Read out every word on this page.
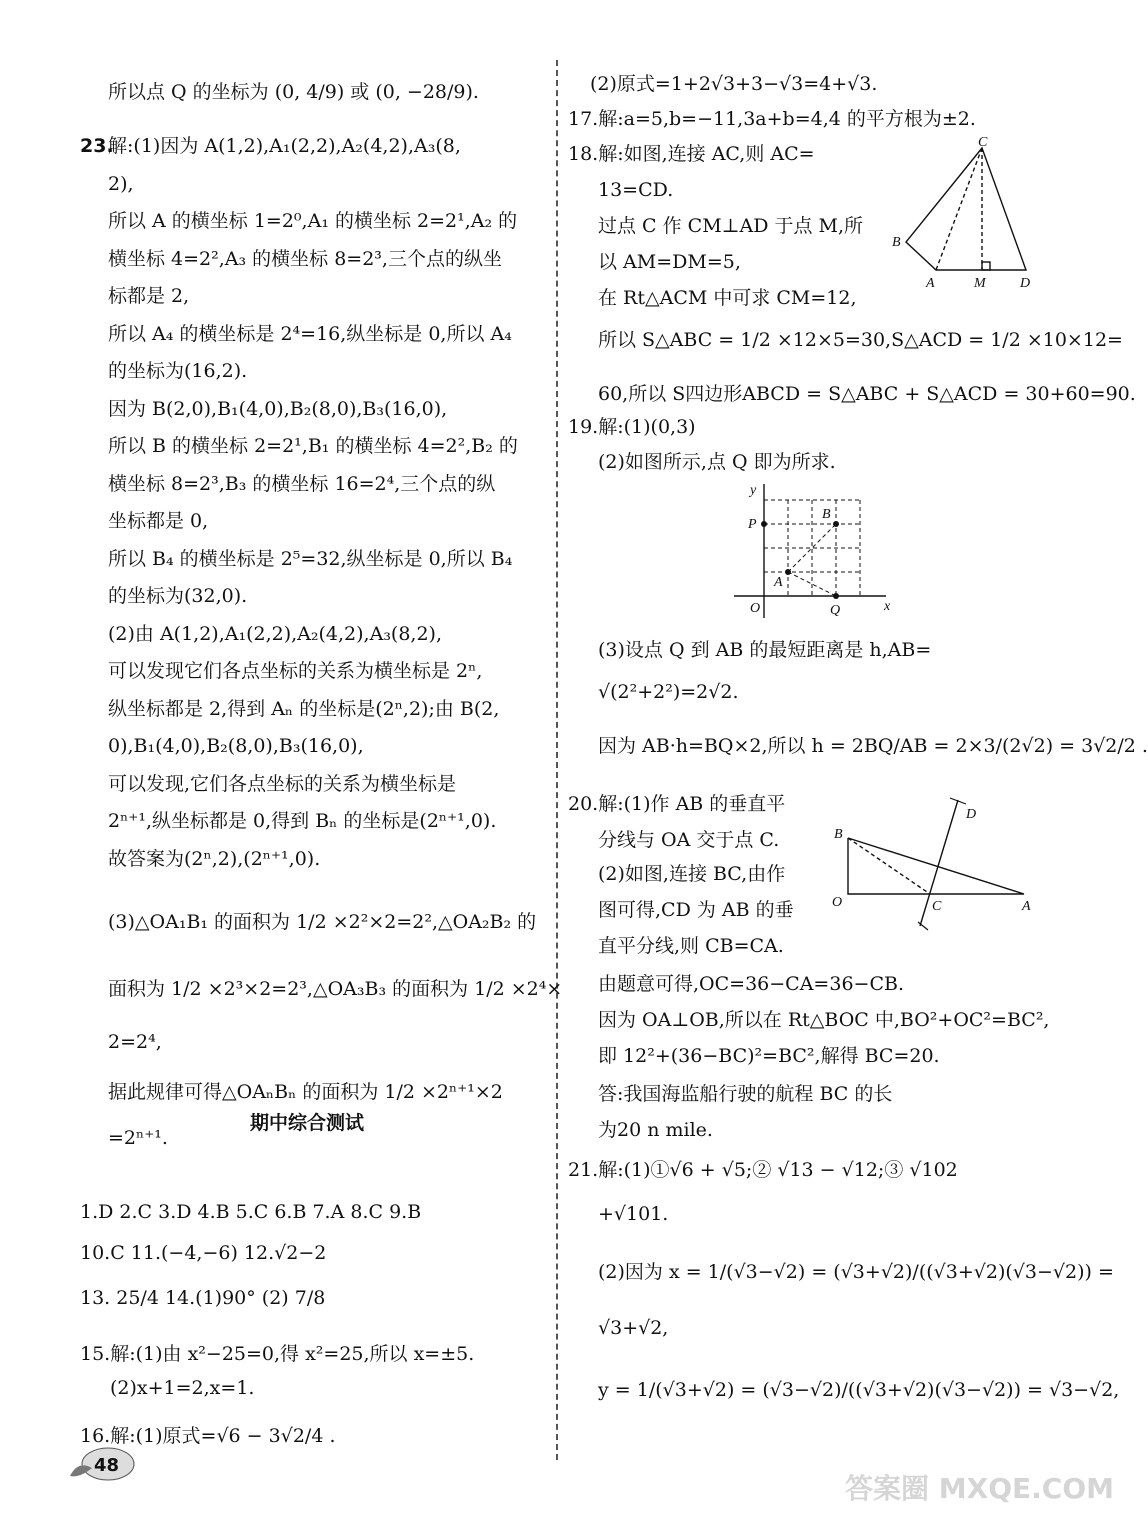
所以点 Q 的坐标为 (0, 4/9) 或 (0, −28/9).
23.
解:(1)因为 A(1,2),A₁(2,2),A₂(4,2),A₃(8,
2),
所以 A 的横坐标 1=2⁰,A₁ 的横坐标 2=2¹,A₂ 的
横坐标 4=2²,A₃ 的横坐标 8=2³,三个点的纵坐
标都是 2,
所以 A₄ 的横坐标是 2⁴=16,纵坐标是 0,所以 A₄
的坐标为(16,2).
因为 B(2,0),B₁(4,0),B₂(8,0),B₃(16,0),
所以 B 的横坐标 2=2¹,B₁ 的横坐标 4=2²,B₂ 的
横坐标 8=2³,B₃ 的横坐标 16=2⁴,三个点的纵
坐标都是 0,
所以 B₄ 的横坐标是 2⁵=32,纵坐标是 0,所以 B₄
的坐标为(32,0).
(2)由 A(1,2),A₁(2,2),A₂(4,2),A₃(8,2),
可以发现它们各点坐标的关系为横坐标是 2ⁿ,
纵坐标都是 2,得到 Aₙ 的坐标是(2ⁿ,2);由 B(2,
0),B₁(4,0),B₂(8,0),B₃(16,0),
可以发现,它们各点坐标的关系为横坐标是
2ⁿ⁺¹,纵坐标都是 0,得到 Bₙ 的坐标是(2ⁿ⁺¹,0).
故答案为(2ⁿ,2),(2ⁿ⁺¹,0).
(3)△OA₁B₁ 的面积为 1/2 ×2²×2=2²,△OA₂B₂ 的
面积为 1/2 ×2³×2=2³,△OA₃B₃ 的面积为 1/2 ×2⁴×
2=2⁴,
据此规律可得△OAₙBₙ 的面积为 1/2 ×2ⁿ⁺¹×2
=2ⁿ⁺¹.
1.D 2.C 3.D 4.B 5.C 6.B 7.A 8.C 9.B
10.C 11.(−4,−6) 12.√2−2
13. 25/4 14.(1)90° (2) 7/8
15.解:(1)由 x²−25=0,得 x²=25,所以 x=±5.
(2)x+1=2,x=1.
16.解:(1)原式=√6 − 3√2/4 .
期中综合测试
(2)原式=1+2√3+3−√3=4+√3.
17.解:a=5,b=−11,3a+b=4,4 的平方根为±2.
18.解:如图,连接 AC,则 AC=
13=CD.
过点 C 作 CM⊥AD 于点 M,所
以 AM=DM=5,
在 Rt△ACM 中可求 CM=12,
所以 S△ABC = 1/2 ×12×5=30,S△ACD = 1/2 ×10×12=
60,所以 S四边形ABCD = S△ABC + S△ACD = 30+60=90.
19.解:(1)(0,3)
(2)如图所示,点 Q 即为所求.
(3)设点 Q 到 AB 的最短距离是 h,AB=
√(2²+2²)=2√2.
因为 AB·h=BQ×2,所以 h = 2BQ/AB = 2×3/(2√2) = 3√2/2 .
20.解:(1)作 AB 的垂直平
分线与 OA 交于点 C.
(2)如图,连接 BC,由作
图可得,CD 为 AB 的垂
直平分线,则 CB=CA.
由题意可得,OC=36−CA=36−CB.
因为 OA⊥OB,所以在 Rt△BOC 中,BO²+OC²=BC²,
即 12²+(36−BC)²=BC²,解得 BC=20.
答:我国海监船行驶的航程 BC 的长
为20 n mile.
21.解:(1)①√6 + √5;② √13 − √12;③ √102
+√101.
(2)因为 x = 1/(√3−√2) = (√3+√2)/((√3+√2)(√3−√2)) =
√3+√2,
y = 1/(√3+√2) = (√3−√2)/((√3+√2)(√3−√2)) = √3−√2,
C
B
A	M D
y
P
B
A
O	Q	x
D
B
O	C	A
48
答案圈 MXQE.COM
